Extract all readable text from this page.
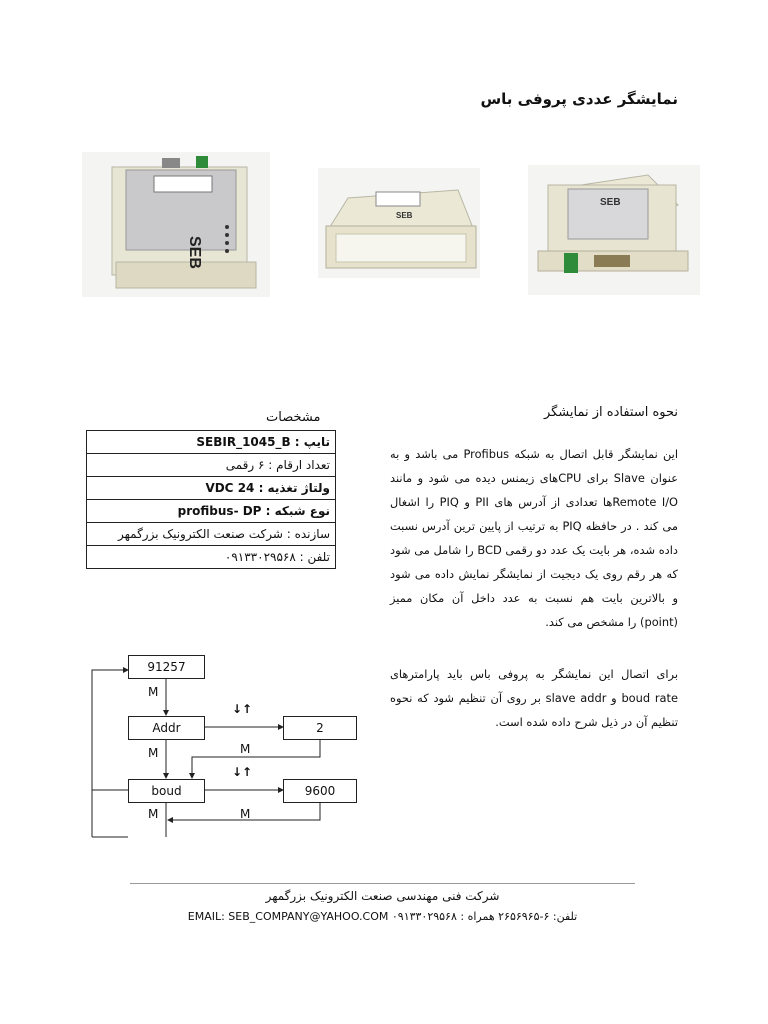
نمایشگر عددی پروفی باس
SEB
SEB
SEB
مشخصات
تایپ : SEBIR_1045_B
تعداد ارقام : ۶ رقمی
ولتاژ تغذیه : 24 VDC
نوع شبکه : profibus- DP
سازنده : شرکت صنعت الکترونیک بزرگمهر
تلفن : ۰۹۱۳۳۰۲۹۵۶۸
نحوه استفاده از نمایشگر
این نمایشگر قابل اتصال به شبکه Profibus می باشد و به عنوان Slave برای CPUهای زیمنس دیده می شود و مانند Remote I/Oها تعدادی از آدرس های PII و PIQ را اشغال می کند . در حافظه PIQ به ترتیب از پایین ترین آدرس نسبت داده شده، هر بایت یک عدد دو رقمی BCD را شامل می شود که هر رقم روی یک دیجیت از نمایشگر نمایش داده می شود و بالاترین بایت هم نسبت به عدد داخل آن مکان ممیز (point) را مشخص می کند.
برای اتصال این نمایشگر به پروفی باس باید پارامترهای boud rate و slave addr بر روی آن تنظیم شود که نحوه تنظیم آن در ذیل شرح داده شده است.
91257
Addr	2
boud	9600
M
M	M
M	M
↓↑
↓↑
شرکت فنی مهندسی صنعت الکترونیک بزرگمهر
تلفن: ۶-۲۶۵۶۹۶۵ همراه : ۰۹۱۳۳۰۲۹۵۶۸ EMAIL: SEB_COMPANY@YAHOO.COM
